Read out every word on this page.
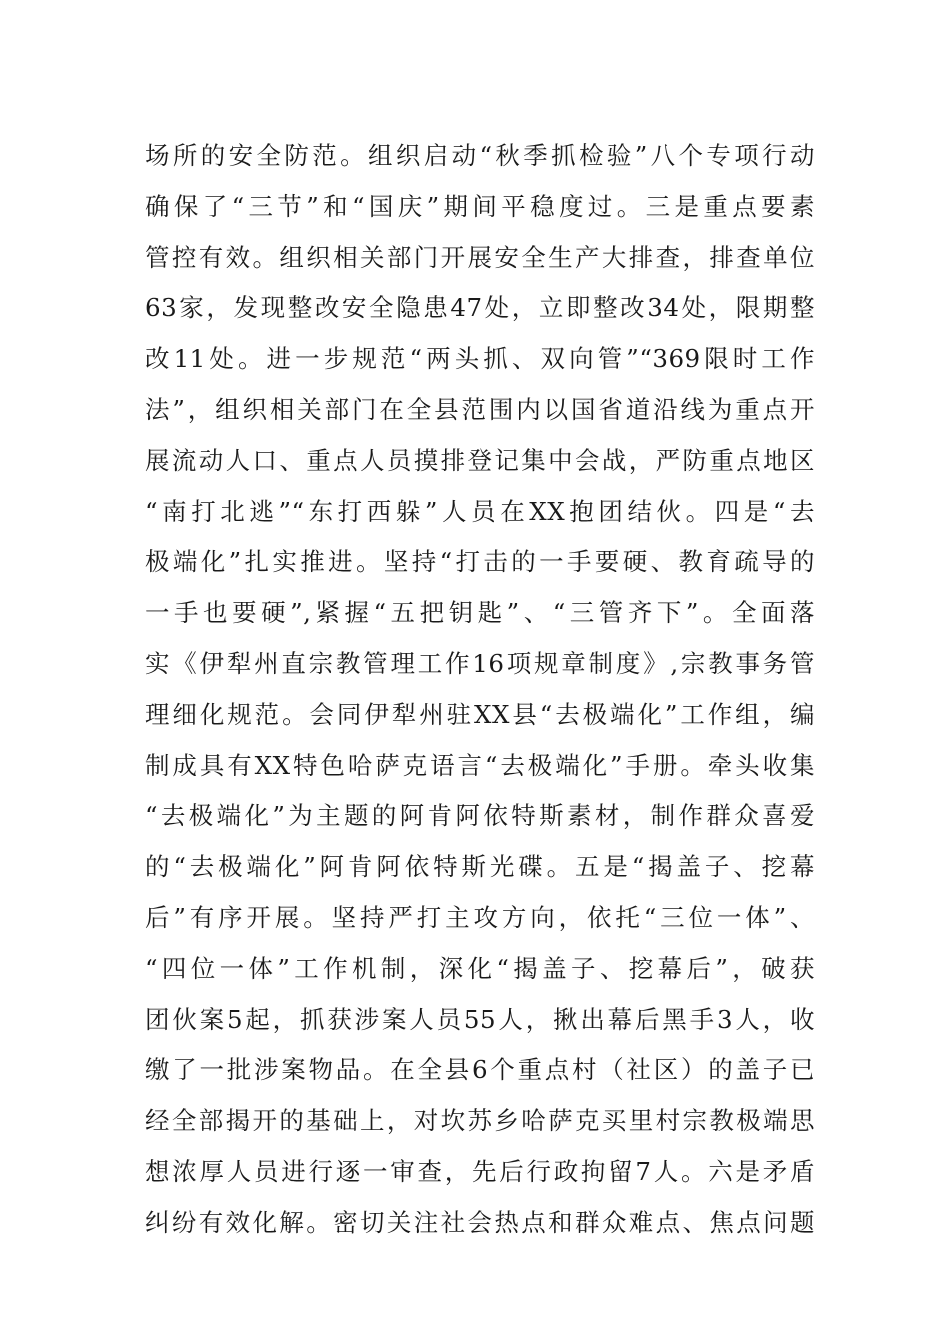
场所的安全防范。组织启动“秋季抓检验”八个专项行动
确保了“三节”和“国庆”期间平稳度过。三是重点要素
管控有效。组织相关部门开展安全生产大排查，排查单位
63家，发现整改安全隐患47处，立即整改34处，限期整
改11处。进一步规范“两头抓、双向管”“369限时工作
法”，组织相关部门在全县范围内以国省道沿线为重点开
展流动人口、重点人员摸排登记集中会战，严防重点地区
“南打北逃”“东打西躲”人员在XX抱团结伙。四是“去
极端化”扎实推进。坚持“打击的一手要硬、教育疏导的
一手也要硬”,紧握“五把钥匙”、“三管齐下”。全面落
实《伊犁州直宗教管理工作16项规章制度》,宗教事务管
理细化规范。会同伊犁州驻XX县“去极端化”工作组，编
制成具有XX特色哈萨克语言“去极端化”手册。牵头收集
“去极端化”为主题的阿肯阿依特斯素材，制作群众喜爱
的“去极端化”阿肯阿依特斯光碟。五是“揭盖子、挖幕
后”有序开展。坚持严打主攻方向，依托“三位一体”、
“四位一体”工作机制，深化“揭盖子、挖幕后”，破获
团伙案5起，抓获涉案人员55人，揪出幕后黑手3人，收
缴了一批涉案物品。在全县6个重点村（社区）的盖子已
经全部揭开的基础上，对坎苏乡哈萨克买里村宗教极端思
想浓厚人员进行逐一审查，先后行政拘留7人。六是矛盾
纠纷有效化解。密切关注社会热点和群众难点、焦点问题
